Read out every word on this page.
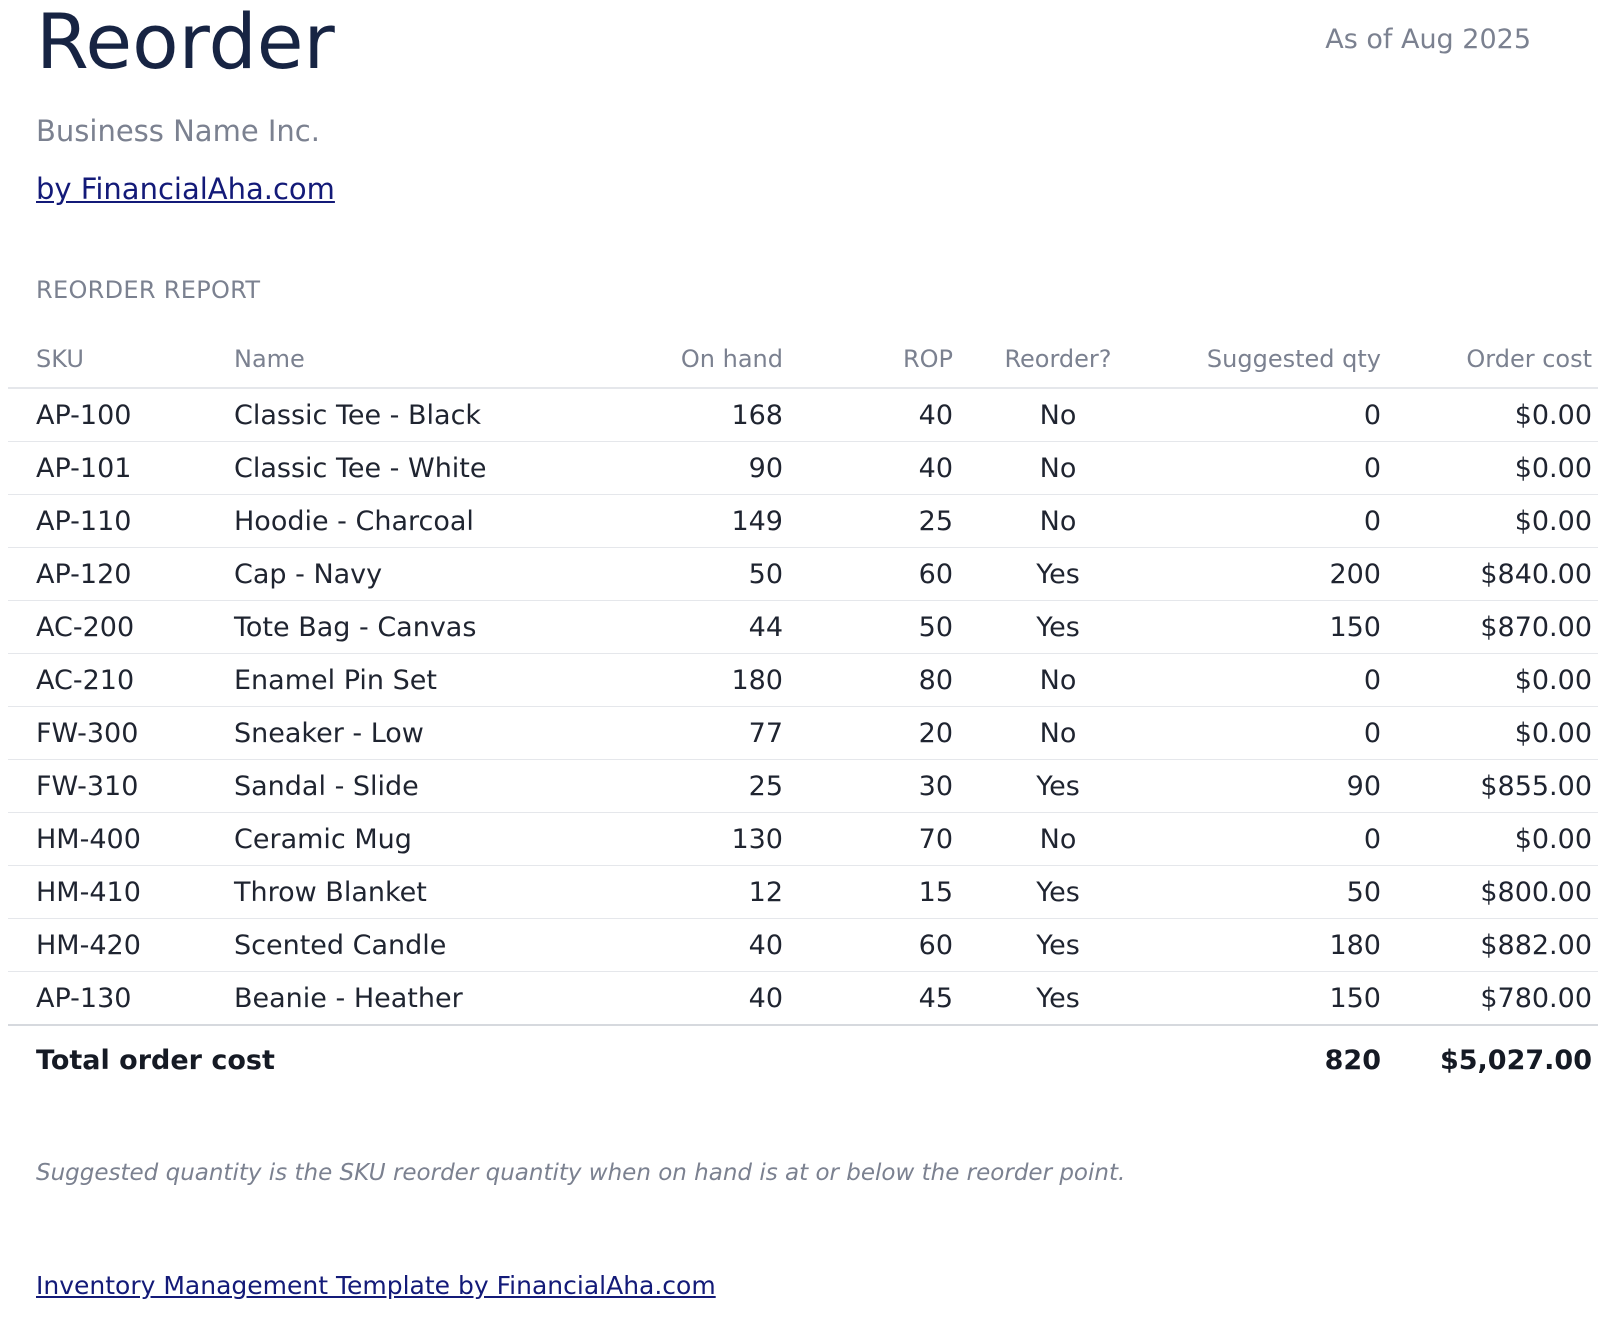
Reorder	As of Aug 2025
Business Name Inc.
by FinancialAha.com
REORDER REPORT
SKU	Name	On hand	ROP	Reorder?	Suggested qty	Order cost
AP-100	Classic Tee - Black	168	40	No	0	$0.00
AP-101	Classic Tee - White	90	40	No	0	$0.00
AP-110	Hoodie - Charcoal	149	25	No	0	$0.00
AP-120	Cap - Navy	50	60	Yes	200	$840.00
AC-200	Tote Bag - Canvas	44	50	Yes	150	$870.00
AC-210	Enamel Pin Set	180	80	No	0	$0.00
FW-300	Sneaker - Low	77	20	No	0	$0.00
FW-310	Sandal - Slide	25	30	Yes	90	$855.00
HM-400	Ceramic Mug	130	70	No	0	$0.00
HM-410	Throw Blanket	12	15	Yes	50	$800.00
HM-420	Scented Candle	40	60	Yes	180	$882.00
AP-130	Beanie - Heather	40	45	Yes	150	$780.00
Total order cost					820	$5,027.00
Suggested quantity is the SKU reorder quantity when on hand is at or below the reorder point.
Inventory Management Template by FinancialAha.com
